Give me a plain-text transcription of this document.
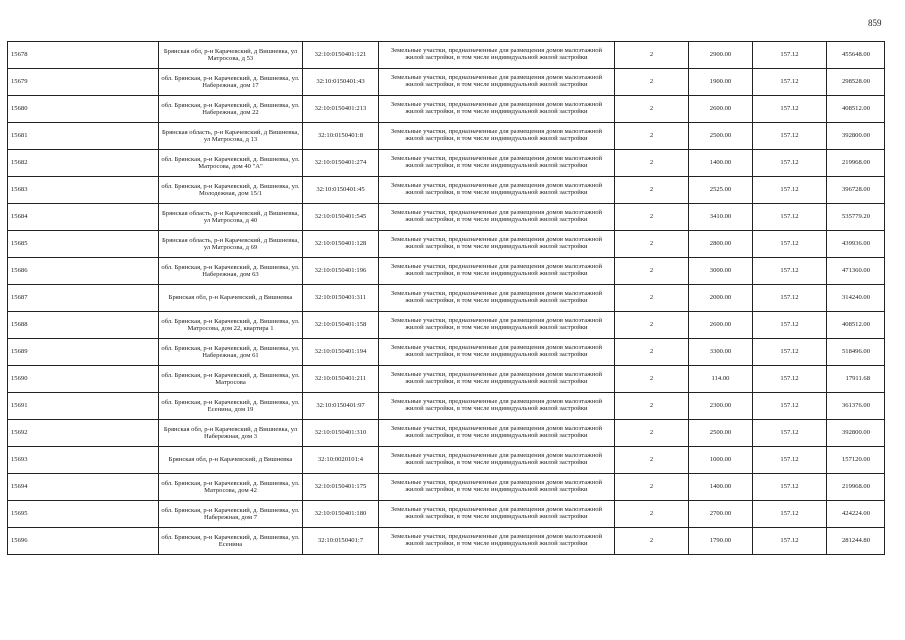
859
15678	Брянская обл, р-н Карачевский, д Вишневка, ул Матросова, д 53	32:10:0150401:121	Земельные участки, предназначенные для размещения домов малоэтажной жилой застройки, в том числе индивидуальной жилой застройки	2	2900.00	157.12	455648.00
15679	обл. Брянская, р-н Карачевский, д. Вишневка, ул. Набережная, дом 17	32:10:0150401:43	Земельные участки, предназначенные для размещения домов малоэтажной жилой застройки, в том числе индивидуальной жилой застройки	2	1900.00	157.12	298528.00
15680	обл. Брянская, р-н Карачевский, д. Вишневка, ул. Набережная, дом 22	32:10:0150401:213	Земельные участки, предназначенные для размещения домов малоэтажной жилой застройки, в том числе индивидуальной жилой застройки	2	2600.00	157.12	408512.00
15681	Брянская область, р-н Карачевский, д Вишневка, ул Матросова, д 13	32:10:0150401:8	Земельные участки, предназначенные для размещения домов малоэтажной жилой застройки, в том числе индивидуальной жилой застройки	2	2500.00	157.12	392800.00
15682	обл. Брянская, р-н Карачевский, д. Вишневка, ул. Матросова, дом 40 "А"	32:10:0150401:274	Земельные участки, предназначенные для размещения домов малоэтажной жилой застройки, в том числе индивидуальной жилой застройки	2	1400.00	157.12	219968.00
15683	обл. Брянская, р-н Карачевский, д. Вишневка, ул. Молодежная, дом 15/1	32:10:0150401:45	Земельные участки, предназначенные для размещения домов малоэтажной жилой застройки, в том числе индивидуальной жилой застройки	2	2525.00	157.12	396728.00
15684	Брянская область, р-н Карачевский, д Вишневка, ул Матросова, д 40	32:10:0150401:545	Земельные участки, предназначенные для размещения домов малоэтажной жилой застройки, в том числе индивидуальной жилой застройки	2	3410.00	157.12	535779.20
15685	Брянская область, р-н Карачевский, д Вишневка, ул Матросова, д 69	32:10:0150401:128	Земельные участки, предназначенные для размещения домов малоэтажной жилой застройки, в том числе индивидуальной жилой застройки	2	2800.00	157.12	439936.00
15686	обл. Брянская, р-н Карачевский, д. Вишневка, ул. Набережная, дом 63	32:10:0150401:196	Земельные участки, предназначенные для размещения домов малоэтажной жилой застройки, в том числе индивидуальной жилой застройки	2	3000.00	157.12	471360.00
15687	Брянская обл, р-н Карачевский, д Вишневка	32:10:0150401:311	Земельные участки, предназначенные для размещения домов малоэтажной жилой застройки, в том числе индивидуальной жилой застройки	2	2000.00	157.12	314240.00
15688	обл. Брянская, р-н Карачевский, д. Вишневка, ул. Матросова, дом 22, квартира 1	32:10:0150401:158	Земельные участки, предназначенные для размещения домов малоэтажной жилой застройки, в том числе индивидуальной жилой застройки	2	2600.00	157.12	408512.00
15689	обл. Брянская, р-н Карачевский, д. Вишневка, ул. Набережная, дом 61	32:10:0150401:194	Земельные участки, предназначенные для размещения домов малоэтажной жилой застройки, в том числе индивидуальной жилой застройки	2	3300.00	157.12	518496.00
15690	обл. Брянская, р-н Карачевский, д. Вишневка, ул. Матросова	32:10:0150401:211	Земельные участки, предназначенные для размещения домов малоэтажной жилой застройки, в том числе индивидуальной жилой застройки	2	114.00	157.12	17911.68
15691	обл. Брянская, р-н Карачевский, д. Вишневка, ул. Есенина, дом 19	32:10:0150401:97	Земельные участки, предназначенные для размещения домов малоэтажной жилой застройки, в том числе индивидуальной жилой застройки	2	2300.00	157.12	361376.00
15692	Брянская обл, р-н Карачевский, д Вишневка, ул Набережная, дом 3	32:10:0150401:310	Земельные участки, предназначенные для размещения домов малоэтажной жилой застройки, в том числе индивидуальной жилой застройки	2	2500.00	157.12	392800.00
15693	Брянская обл, р-н Карачевский, д Вишневка	32:10:0020101:4	Земельные участки, предназначенные для размещения домов малоэтажной жилой застройки, в том числе индивидуальной жилой застройки	2	1000.00	157.12	157120.00
15694	обл. Брянская, р-н Карачевский, д. Вишневка, ул. Матросова, дом 42	32:10:0150401:175	Земельные участки, предназначенные для размещения домов малоэтажной жилой застройки, в том числе индивидуальной жилой застройки	2	1400.00	157.12	219968.00
15695	обл. Брянская, р-н Карачевский, д. Вишневка, ул. Набережная, дом 7	32:10:0150401:180	Земельные участки, предназначенные для размещения домов малоэтажной жилой застройки, в том числе индивидуальной жилой застройки	2	2700.00	157.12	424224.00
15696	обл. Брянская, р-н Карачевский, д. Вишневка, ул. Есенина	32:10:0150401:7	Земельные участки, предназначенные для размещения домов малоэтажной жилой застройки, в том числе индивидуальной жилой застройки	2	1790.00	157.12	281244.80
